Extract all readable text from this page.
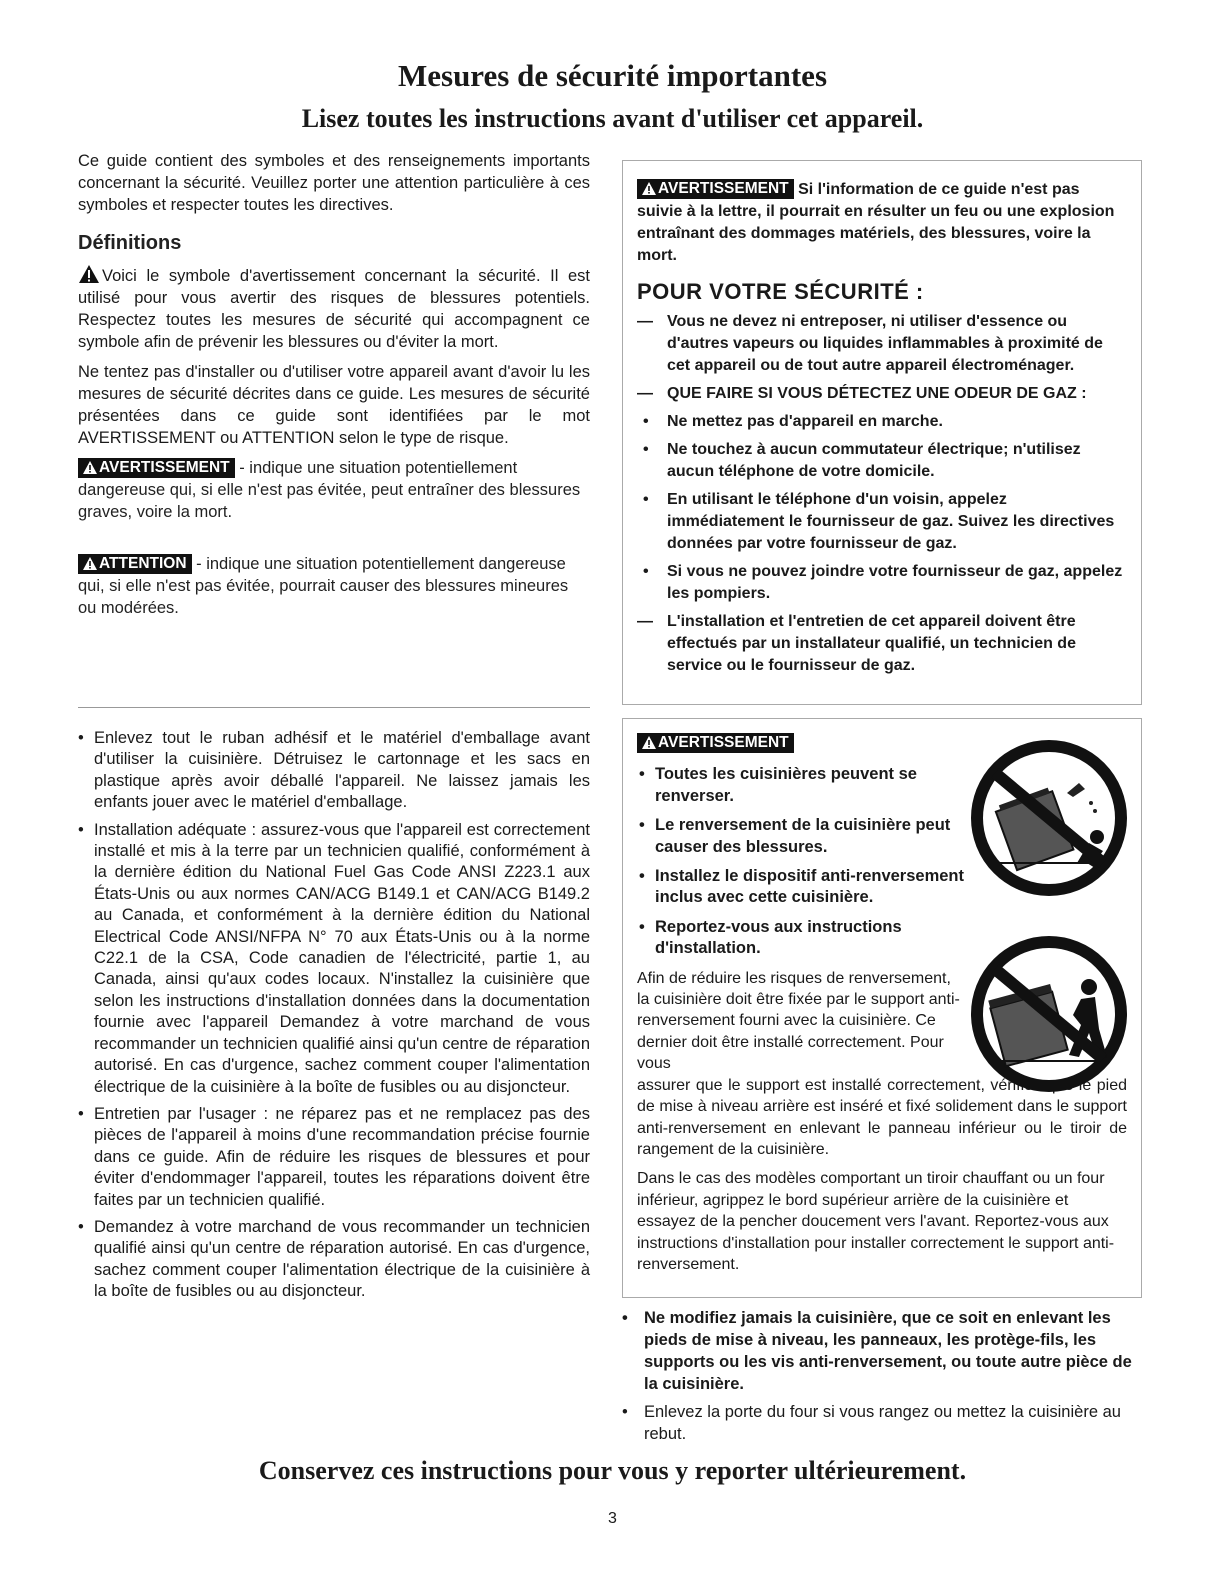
Mesures de sécurité importantes
Lisez toutes les instructions avant d'utiliser cet appareil.

Ce guide contient des symboles et des renseignements importants concernant la sécurité. Veuillez porter une attention particulière à ces symboles et respecter toutes les directives.

Définitions

Voici le symbole d'avertissement concernant la sécurité. Il est utilisé pour vous avertir des risques de blessures potentiels. Respectez toutes les mesures de sécurité qui accompagnent ce symbole afin de prévenir les blessures ou d'éviter la mort.

Ne tentez pas d'installer ou d'utiliser votre appareil avant d'avoir lu les mesures de sécurité décrites dans ce guide. Les mesures de sécurité présentées dans ce guide sont identifiées par le mot AVERTISSEMENT ou ATTENTION selon le type de risque.

AVERTISSEMENT - indique une situation potentiellement dangereuse qui, si elle n'est pas évitée, peut entraîner des blessures graves, voire la mort.

ATTENTION - indique une situation potentiellement dangereuse qui, si elle n'est pas évitée, pourrait causer des blessures mineures ou modérées.

• Enlevez tout le ruban adhésif et le matériel d'emballage avant d'utiliser la cuisinière. Détruisez le cartonnage et les sacs en plastique après avoir déballé l'appareil. Ne laissez jamais les enfants jouer avec le matériel d'emballage.
• Installation adéquate : assurez-vous que l'appareil est correctement installé et mis à la terre par un technicien qualifié, conformément à la dernière édition du National Fuel Gas Code ANSI Z223.1 aux États-Unis ou aux normes CAN/ACG B149.1 et CAN/ACG B149.2 au Canada, et conformément à la dernière édition du National Electrical Code ANSI/NFPA N° 70 aux États-Unis ou à la norme C22.1 de la CSA, Code canadien de l'électricité, partie 1, au Canada, ainsi qu'aux codes locaux. N'installez la cuisinière que selon les instructions d'installation données dans la documentation fournie avec l'appareil Demandez à votre marchand de vous recommander un technicien qualifié ainsi qu'un centre de réparation autorisé. En cas d'urgence, sachez comment couper l'alimentation électrique de la cuisinière à la boîte de fusibles ou au disjoncteur.
• Entretien par l'usager : ne réparez pas et ne remplacez pas des pièces de l'appareil à moins d'une recommandation précise fournie dans ce guide. Afin de réduire les risques de blessures et pour éviter d'endommager l'appareil, toutes les réparations doivent être faites par un technicien qualifié.
• Demandez à votre marchand de vous recommander un technicien qualifié ainsi qu'un centre de réparation autorisé. En cas d'urgence, sachez comment couper l'alimentation électrique de la cuisinière à la boîte de fusibles ou au disjoncteur.
AVERTISSEMENT Si l'information de ce guide n'est pas suivie à la lettre, il pourrait en résulter un feu ou une explosion entraînant des dommages matériels, des blessures, voire la mort.
POUR VOTRE SÉCURITÉ :
— Vous ne devez ni entreposer, ni utiliser d'essence ou d'autres vapeurs ou liquides inflammables à proximité de cet appareil ou de tout autre appareil électroménager.
— QUE FAIRE SI VOUS DÉTECTEZ UNE ODEUR DE GAZ :
• Ne mettez pas d'appareil en marche.
• Ne touchez à aucun commutateur électrique; n'utilisez aucun téléphone de votre domicile.
• En utilisant le téléphone d'un voisin, appelez immédiatement le fournisseur de gaz. Suivez les directives données par votre fournisseur de gaz.
• Si vous ne pouvez joindre votre fournisseur de gaz, appelez les pompiers.
— L'installation et l'entretien de cet appareil doivent être effectués par un installateur qualifié, un technicien de service ou le fournisseur de gaz.
AVERTISSEMENT
• Toutes les cuisinières peuvent se renverser.
• Le renversement de la cuisinière peut causer des blessures.
• Installez le dispositif anti-renversement inclus avec cette cuisinière.
• Reportez-vous aux instructions d'installation.

Afin de réduire les risques de renversement, la cuisinière doit être fixée par le support anti-renversement fourni avec la cuisinière. Ce dernier doit être installé correctement. Pour vous

assurer que le support est installé correctement, vérifiez que le pied de mise à niveau arrière est inséré et fixé solidement dans le support anti-renversement en enlevant le panneau inférieur ou le tiroir de rangement de la cuisinière.

Dans le cas des modèles comportant un tiroir chauffant ou un four inférieur, agrippez le bord supérieur arrière de la cuisinière et essayez de la pencher doucement vers l'avant. Reportez-vous aux instructions d'installation pour installer correctement le support anti-renversement.

• Ne modifiez jamais la cuisinière, que ce soit en enlevant les pieds de mise à niveau, les panneaux, les protège-fils, les supports ou les vis anti-renversement, ou toute autre pièce de la cuisinière.
• Enlevez la porte du four si vous rangez ou mettez la cuisinière au rebut.

Conservez ces instructions pour vous y reporter ultérieurement.

3
